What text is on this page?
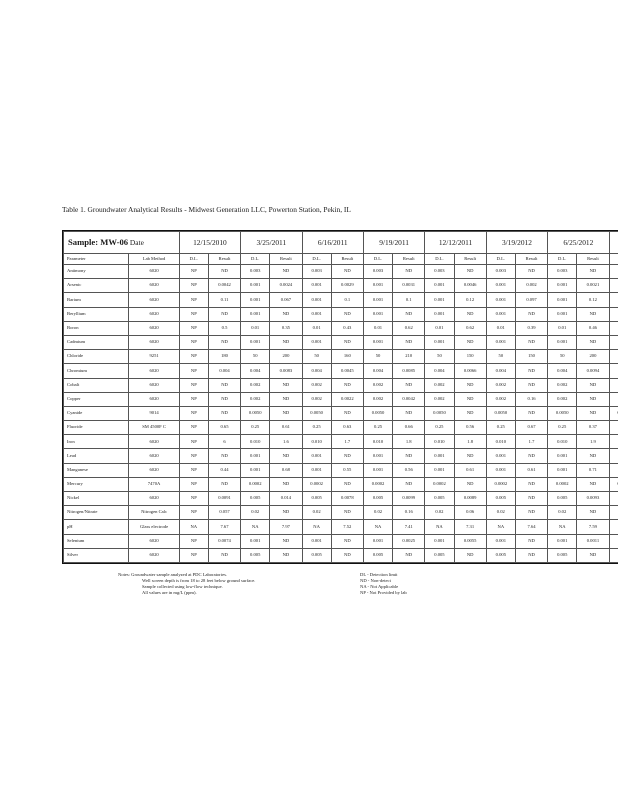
Table 1. Groundwater Analytical Results - Midwest Generation LLC, Powerton Station, Pekin, IL
Sample: MW-06	Date	12/15/2010		3/25/2011		6/16/2011		9/19/2011		12/12/2011		3/19/2012		6/25/2012	
Parameter	Lab Method	D.L.	Result	D.L.	Result	D.L.	Result	D.L.	Result	D.L.	Result	D.L.	Result	D.L.	Result		
Antimony	6020	NP	ND	0.003	ND	0.003	ND	0.003	ND	0.003	ND	0.003	ND	0.003	ND		
Arsenic	6020	NP	0.0042	0.001	0.0024	0.001	0.0029	0.001	0.0031	0.001	0.0046	0.001	0.002	0.001	0.0021		
Barium	6020	NP	0.11	0.001	0.067	0.001	0.1	0.001	0.1	0.001	0.12	0.001	0.097	0.001	0.12		
Beryllium	6020	NP	ND	0.001	ND	0.001	ND	0.001	ND	0.001	ND	0.001	ND	0.001	ND		
Boron	6020	NP	0.5	0.01	0.35	0.01	0.43	0.01	0.62	0.01	0.62	0.01	0.39	0.01	0.46		
Cadmium	6020	NP	ND	0.001	ND	0.001	ND	0.001	ND	0.001	ND	0.001	ND	0.001	ND		
Chloride	9251	NP	180	50	200	50	160	50	210	50	150	50	150	50	200		
Chromium	6020	NP	0.004	0.004	0.0083	0.004	0.0045	0.004	0.0085	0.004	0.0066	0.004	ND	0.004	0.0094		
Cobalt	6020	NP	ND	0.002	ND	0.002	ND	0.002	ND	0.002	ND	0.002	ND	0.002	ND		
Copper	6020	NP	ND	0.002	ND	0.002	0.0022	0.002	0.0042	0.002	ND	0.002	0.16	0.002	ND		
Cyanide	9014	NP	ND	0.0050	ND	0.0050	ND	0.0050	ND	0.0050	ND	0.0050	ND	0.0050	ND		
Fluoride	SM 4500F C	NP	0.65	0.25	0.61	0.25	0.63	0.25	0.66	0.25	0.56	0.25	0.67	0.25	0.37		
Iron	6020	NP	6	0.010	1.6	0.010	1.7	0.010	1.8	0.010	1.8	0.010	1.7	0.010	1.9		
Lead	6020	NP	ND	0.001	ND	0.001	ND	0.001	ND	0.001	ND	0.001	ND	0.001	ND		
Manganese	6020	NP	0.44	0.001	0.68	0.001	0.55	0.001	0.56	0.001	0.61	0.001	0.61	0.001	0.71		
Mercury	7470A	NP	ND	0.0002	ND	0.0002	ND	0.0002	ND	0.0002	ND	0.0002	ND	0.0002	ND		
Nickel	6020	NP	0.0091	0.005	0.014	0.005	0.0078	0.005	0.0099	0.005	0.0089	0.005	ND	0.005	0.0093		
Nitrogen/Nitrate	Nitrogen Calc	NP	0.057	0.02	ND	0.02	ND	0.02	0.16	0.02	0.06	0.02	ND	0.02	ND		
pH	Glass electrode	NA	7.67	NA	7.97	NA	7.52	NA	7.41	NA	7.31	NA	7.64	NA	7.59		
Selenium	6020	NP	0.0074	0.001	ND	0.001	ND	0.001	0.0025	0.001	0.0055	0.001	ND	0.001	0.0011		
Silver	6020	NP	ND	0.005	ND	0.005	ND	0.005	ND	0.005	ND	0.005	ND	0.005	ND		

Notes: Groundwater sample analyzed at PDC Laboratories.
Well screen depth is from 18 to 28 feet below ground surface.
Sample collected using low-flow technique.
All values are in mg/L (ppm).
DL - Detection limit
ND - Non-detect
NA - Not Applicable
NP - Not Provided by lab
